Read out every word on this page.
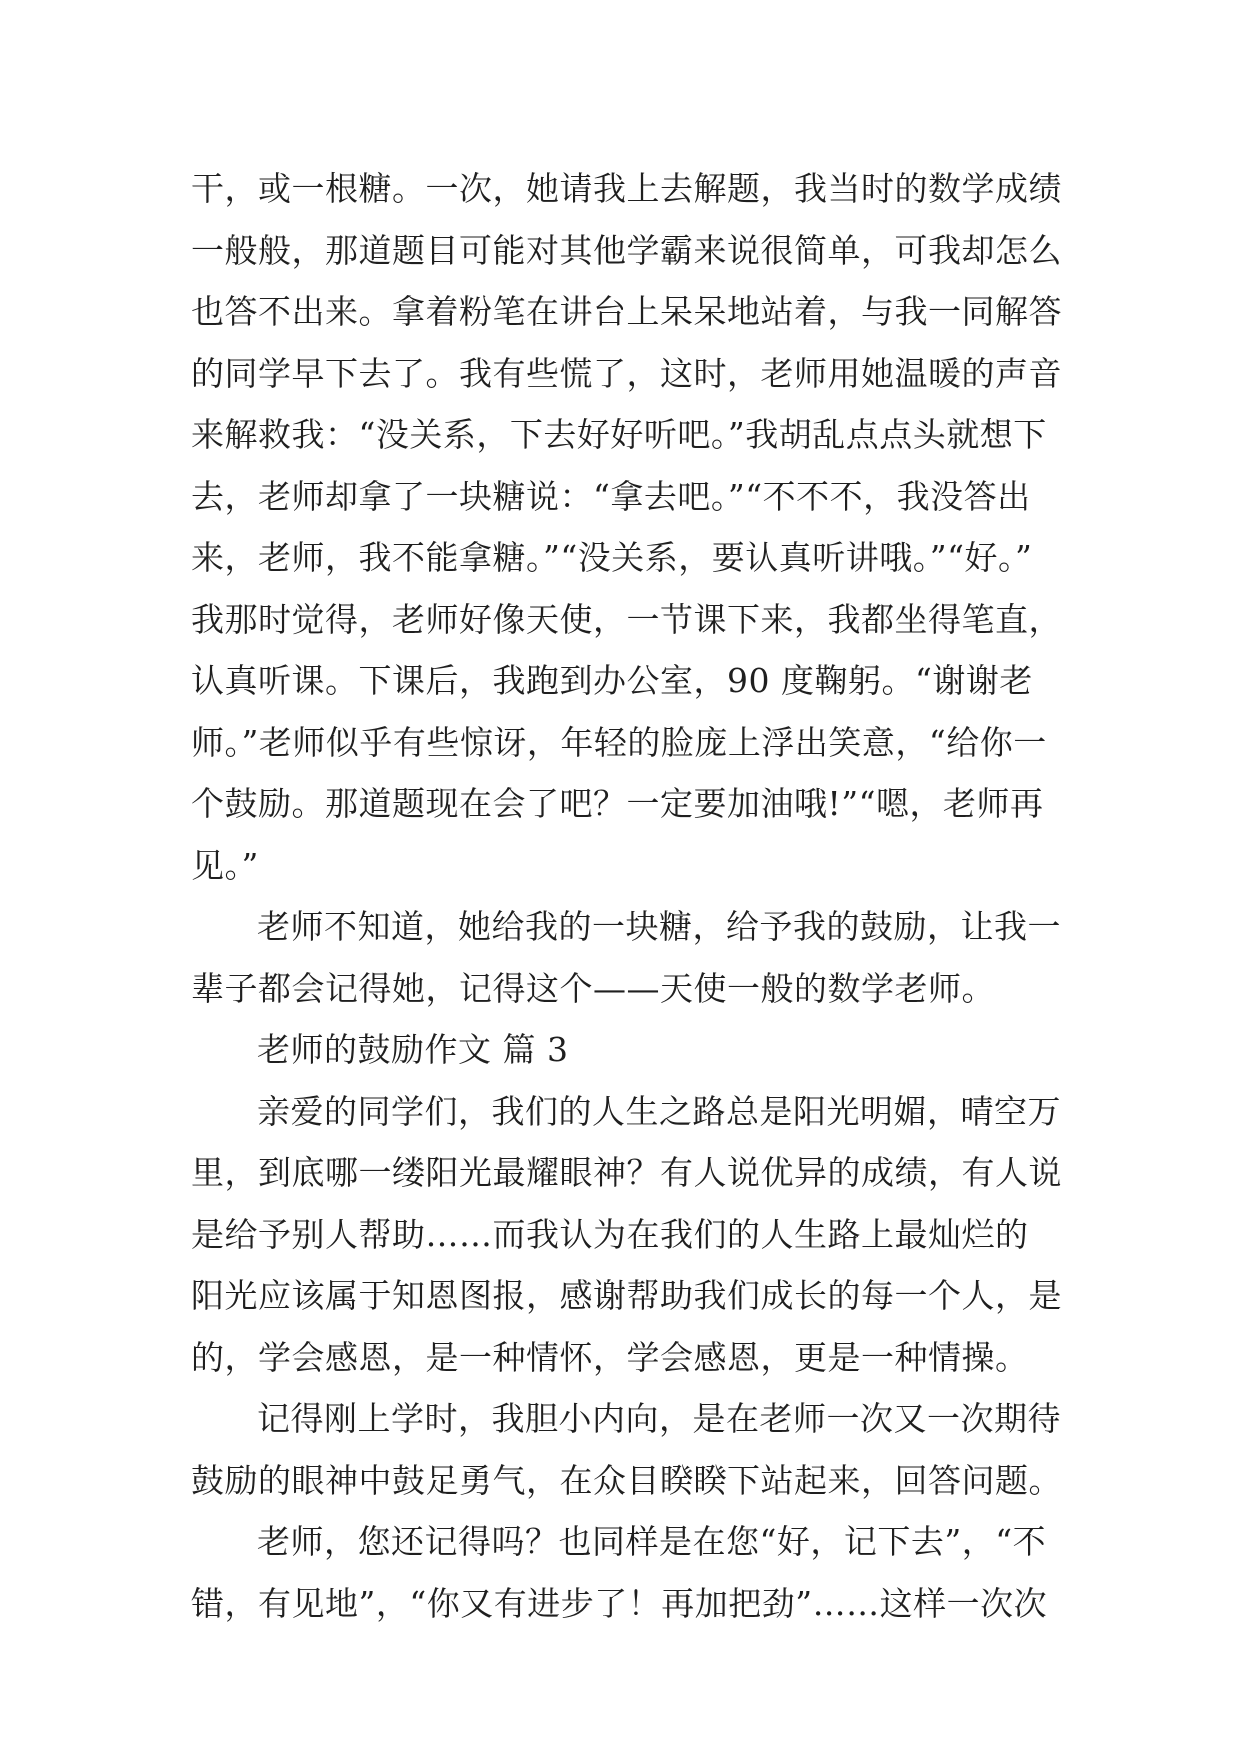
干，或一根糖。一次，她请我上去解题，我当时的数学成绩
一般般，那道题目可能对其他学霸来说很简单，可我却怎么
也答不出来。拿着粉笔在讲台上呆呆地站着，与我一同解答
的同学早下去了。我有些慌了，这时，老师用她温暖的声音
来解救我：“没关系，下去好好听吧。”我胡乱点点头就想下
去，老师却拿了一块糖说：“拿去吧。”“不不不，我没答出
来，老师，我不能拿糖。”“没关系，要认真听讲哦。”“好。”
我那时觉得，老师好像天使，一节课下来，我都坐得笔直，
认真听课。下课后，我跑到办公室，90 度鞠躬。“谢谢老
师。”老师似乎有些惊讶，年轻的脸庞上浮出笑意，“给你一
个鼓励。那道题现在会了吧？一定要加油哦!”“嗯，老师再
见。”
老师不知道，她给我的一块糖，给予我的鼓励，让我一
辈子都会记得她，记得这个——天使一般的数学老师。
老师的鼓励作文 篇 3
亲爱的同学们，我们的人生之路总是阳光明媚，晴空万
里，到底哪一缕阳光最耀眼神？有人说优异的成绩，有人说
是给予别人帮助……而我认为在我们的人生路上最灿烂的
阳光应该属于知恩图报，感谢帮助我们成长的每一个人，是
的，学会感恩，是一种情怀，学会感恩，更是一种情操。
记得刚上学时，我胆小内向，是在老师一次又一次期待
鼓励的眼神中鼓足勇气，在众目睽睽下站起来，回答问题。
老师，您还记得吗？也同样是在您“好，记下去”，“不
错，有见地”，“你又有进步了！再加把劲”……这样一次次
